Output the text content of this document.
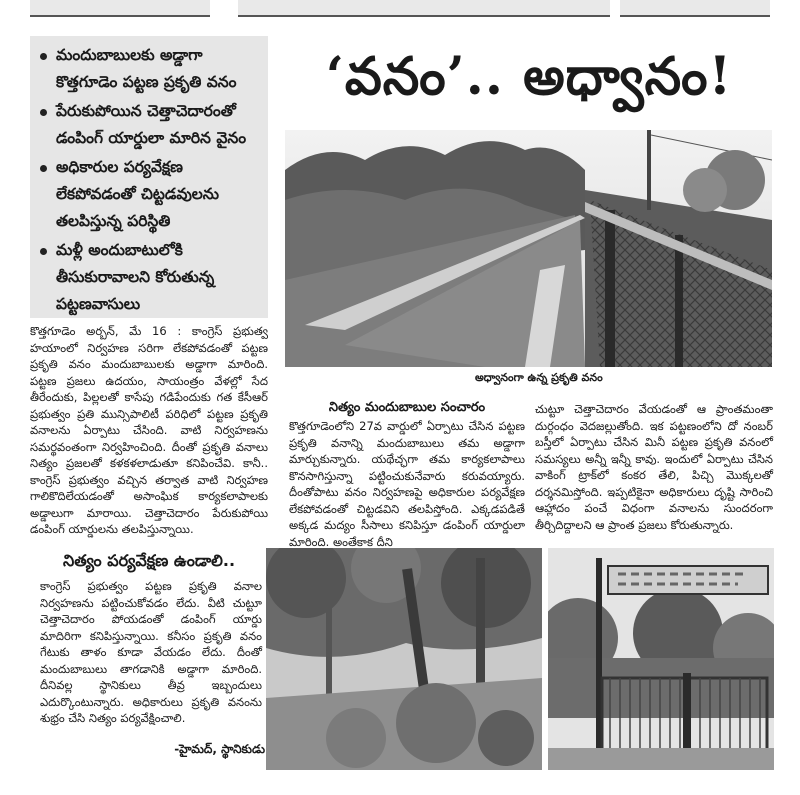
మందుబాబులకు అడ్డాగా కొత్తగూడెం పట్టణ ప్రకృతి వనం
పేరుకుపోయిన చెత్తాచెదారంతో డంపింగ్ యార్డులా మారిన వైనం
అధికారుల పర్యవేక్షణ లేకపోవడంతో చిట్టడవులను తలపిస్తున్న పరిస్థితి
మళ్లీ అందుబాటులోకి తీసుకురావాలని కోరుతున్న పట్టణవాసులు
‘వనం’.. అధ్వానం!
అధ్వానంగా ఉన్న ప్రకృతి వనం
కొత్తగూడెం అర్బన్, మే 16 : కాంగ్రెస్ ప్రభుత్వ హయాంలో నిర్వహణ సరిగా లేకపోవడంతో పట్టణ ప్రకృతి వనం మందుబాబులకు అడ్డాగా మారింది. పట్టణ ప్రజలు ఉదయం, సాయంత్రం వేళల్లో సేద తీరేందుకు, పిల్లలతో కాసేపు గడిపేందుకు గత కేసీఆర్ ప్రభుత్వం ప్రతి మున్సిపాలిటీ పరిధిలో పట్టణ ప్రకృతి వనాలను ఏర్పాటు చేసింది. వాటి నిర్వహణను సమర్థవంతంగా నిర్వహించింది. దీంతో ప్రకృతి వనాలు నిత్యం ప్రజలతో కళకళలాడుతూ కనిపించేవి. కానీ.. కాంగ్రెస్ ప్రభుత్వం వచ్చిన తర్వాత వాటి నిర్వహణ గాలికొదిలేయడంతో అసాంఘిక కార్యకలాపాలకు అడ్డాలుగా మారాయి. చెత్తాచెదారం పేరుకుపోయి డంపింగ్ యార్డులను తలపిస్తున్నాయి.
నిత్యం మందుబాబుల సంచారం
కొత్తగూడెంలోని 27వ వార్డులో ఏర్పాటు చేసిన పట్టణ ప్రకృతి వనాన్ని మందుబాబులు తమ అడ్డాగా మార్చుకున్నారు. యథేచ్ఛగా తమ కార్యకలాపాలు కొనసాగిస్తున్నా పట్టించుకునేవారు కరువయ్యారు. దీంతోపాటు వనం నిర్వహణపై అధికారుల పర్యవేక్షణ లేకపోవడంతో చిట్టడవిని తలపిస్తోంది. ఎక్కడపడితే అక్కడ మద్యం సీసాలు కనిపిస్తూ డంపింగ్ యార్డులా మారింది. అంతేకాక దీని
చుట్టూ చెత్తాచెదారం వేయడంతో ఆ ప్రాంతమంతా దుర్గంధం వెదజల్లుతోంది. ఇక పట్టణంలోని దో నంబర్ బస్తీలో ఏర్పాటు చేసిన మినీ పట్టణ ప్రకృతి వనంలో సమస్యలు అన్నీ ఇన్నీ కావు. ఇందులో ఏర్పాటు చేసిన వాకింగ్ ట్రాక్‌లో కంకర తేలి, పిచ్చి మొక్కలతో దర్శనమిస్తోంది. ఇప్పటికైనా అధికారులు దృష్టి సారించి ఆహ్లాదం పంచే విధంగా వనాలను సుందరంగా తీర్చిదిద్దాలని ఆ ప్రాంత ప్రజలు కోరుతున్నారు.
నిత్యం పర్యవేక్షణ ఉండాలి..
కాంగ్రెస్ ప్రభుత్వం పట్టణ ప్రకృతి వనాల నిర్వహణను పట్టించుకోవడం లేదు. వీటి చుట్టూ చెత్తాచెదారం పోయడంతో డంపింగ్ యార్డు మాదిరిగా కనిపిస్తున్నాయి. కనీసం ప్రకృతి వనం గేటుకు తాళం కూడా వేయడం లేదు. దీంతో మందుబాబులు తాగడానికి అడ్డాగా మారింది. దీనివల్ల స్థానికులు తీవ్ర ఇబ్బందులు ఎదుర్కొంటున్నారు. అధికారులు ప్రకృతి వనంను శుభ్రం చేసి నిత్యం పర్యవేక్షించాలి.
-హైమద్, స్థానికుడు
